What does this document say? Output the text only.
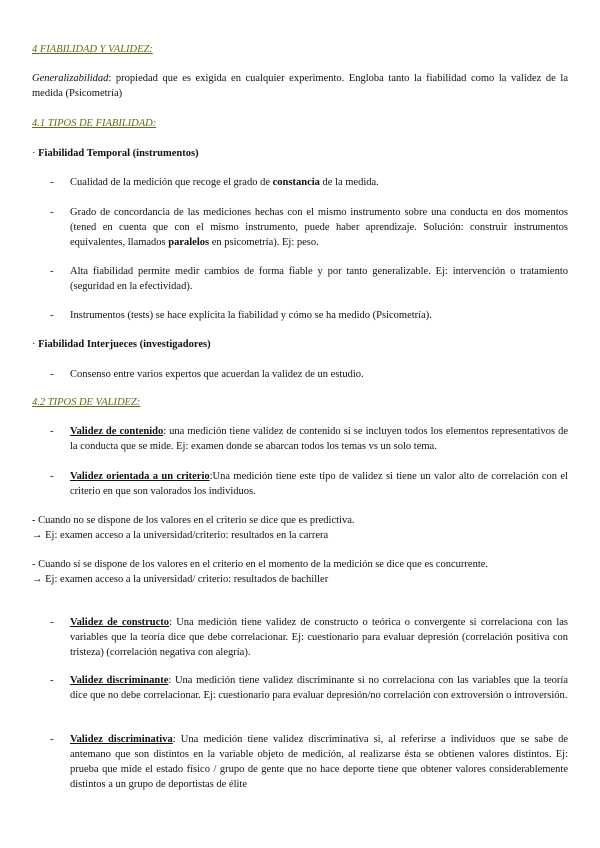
4 FIABILIDAD Y VALIDEZ:
Generalizabilidad: propiedad que es exigida en cualquier experimento. Engloba tanto la fiabilidad como la validez de la medida (Psicometría)
4.1 TIPOS DE FIABILIDAD:
· Fiabilidad Temporal (instrumentos)
-	Cualidad de la medición que recoge el grado de constancia de la medida.
-	Grado de concordancia de las mediciones hechas con el mismo instrumento sobre una conducta en dos momentos (tened en cuenta que con el mismo instrumento, puede haber aprendizaje. Solución: construir instrumentos equivalentes, llamados paralelos en psicometría). Ej: peso.
-	Alta fiabilidad permite medir cambios de forma fiable y por tanto generalizable. Ej: intervención o tratamiento (seguridad en la efectividad).
-	Instrumentos (tests) se hace explícita la fiabilidad y cómo se ha medido (Psicometría).
· Fiabilidad Interjueces (investigadores)
-	Consenso entre varios expertos que acuerdan la validez de un estudio.
4.2 TIPOS DE VALIDEZ:
-	Validez de contenido: una medición tiene validez de contenido si se incluyen todos los elementos representativos de la conducta que se mide. Ej: examen donde se abarcan todos los temas vs un solo tema.
-	Validez orientada a un criterio:Una medición tiene este tipo de validez si tiene un valor alto de correlación con el criterio en que son valorados los individuos.
- Cuando no se dispone de los valores en el criterio se dice que es predictiva.
→ Ej: examen acceso a la universidad/criterio: resultados en la carrera
- Cuando sí se dispone de los valores en el criterio en el momento de la medición se dice que es concurrente.
→ Ej: examen acceso a la universidad/ criterio: resultados de bachiller
-	Validez de constructo: Una medición tiene validez de constructo o teórica o convergente si correlaciona con las variables que la teoría dice que debe correlacionar. Ej: cuestionario para evaluar depresión (correlación positiva con tristeza) (correlación negativa con alegría).
-	Validez discriminante: Una medición tiene validez discriminante si no correlaciona con las variables que la teoría dice que no debe correlacionar. Ej: cuestionario para evaluar depresión/no correlación con extroversión o introversión.
-	Validez discriminativa: Una medición tiene validez discriminativa si, al referirse a individuos que se sabe de antemano que son distintos en la variable objeto de medición, al realizarse ésta se obtienen valores distintos. Ej: prueba que mide el estado físico / grupo de gente que no hace deporte tiene que obtener valores considerablemente distintos a un grupo de deportistas de élite
